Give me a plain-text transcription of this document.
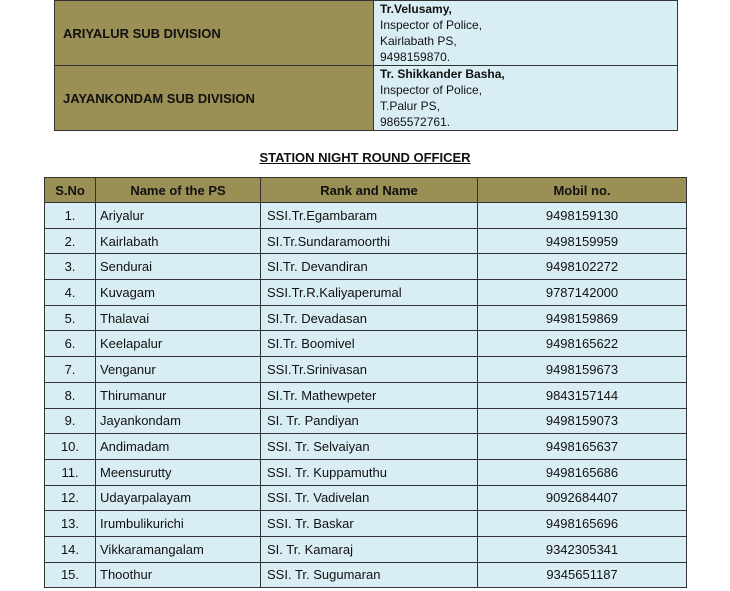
ARIYALUR SUB DIVISION	Tr.Velusamy,
Inspector of Police,
Kairlabath PS,
9498159870.

JAYANKONDAM SUB DIVISION	Tr. Shikkander Basha,
Inspector of Police,
T.Palur PS,
9865572761.
STATION NIGHT ROUND OFFICER
S.No	Name of the PS	Rank and Name	Mobil no.
1.	Ariyalur	SSI.Tr.Egambaram	9498159130
2.	Kairlabath	SI.Tr.Sundaramoorthi	9498159959
3.	Sendurai	SI.Tr. Devandiran	9498102272
4.	Kuvagam	SSI.Tr.R.Kaliyaperumal	9787142000
5.	Thalavai	SI.Tr. Devadasan	9498159869
6.	Keelapalur	SI.Tr. Boomivel	9498165622
7.	Venganur	SSI.Tr.Srinivasan	9498159673
8.	Thirumanur	SI.Tr. Mathewpeter	9843157144
9.	Jayankondam	SI. Tr. Pandiyan	9498159073
10.	Andimadam	SSI. Tr. Selvaiyan	9498165637
11.	Meensurutty	SSI. Tr. Kuppamuthu	9498165686
12.	Udayarpalayam	SSI. Tr. Vadivelan	9092684407
13.	Irumbulikurichi	SSI. Tr. Baskar	9498165696
14.	Vikkaramangalam	SI. Tr. Kamaraj	9342305341
15.	Thoothur	SSI. Tr. Sugumaran	9345651187
